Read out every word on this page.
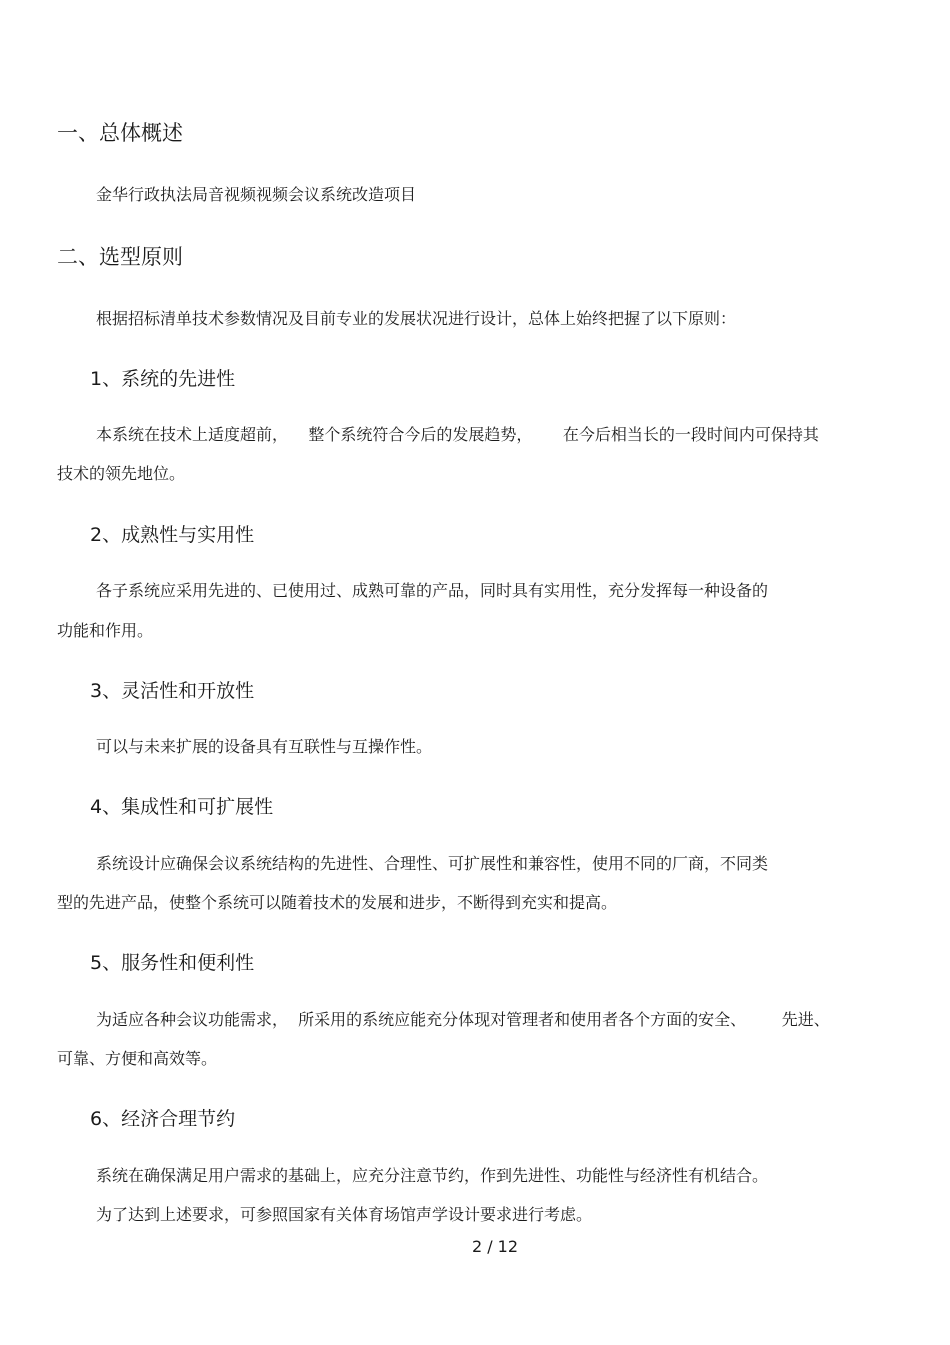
一、总体概述
金华行政执法局音视频视频会议系统改造项目
二、选型原则
根据招标清单技术参数情况及目前专业的发展状况进行设计，总体上始终把握了以下原则：
1、系统的先进性
本系统在技术上适度超前，    整个系统符合今后的发展趋势，      在今后相当长的一段时间内可保持其
技术的领先地位。
2、成熟性与实用性
各子系统应采用先进的、已使用过、成熟可靠的产品，同时具有实用性，充分发挥每一种设备的
功能和作用。
3、灵活性和开放性
可以与未来扩展的设备具有互联性与互操作性。
4、集成性和可扩展性
系统设计应确保会议系统结构的先进性、合理性、可扩展性和兼容性，使用不同的厂商，不同类
型的先进产品，使整个系统可以随着技术的发展和进步，不断得到充实和提高。
5、服务性和便利性
为适应各种会议功能需求，  所采用的系统应能充分体现对管理者和使用者各个方面的安全、       先进、
可靠、方便和高效等。
6、经济合理节约
系统在确保满足用户需求的基础上，应充分注意节约，作到先进性、功能性与经济性有机结合。
为了达到上述要求，可参照国家有关体育场馆声学设计要求进行考虑。
2 / 12
